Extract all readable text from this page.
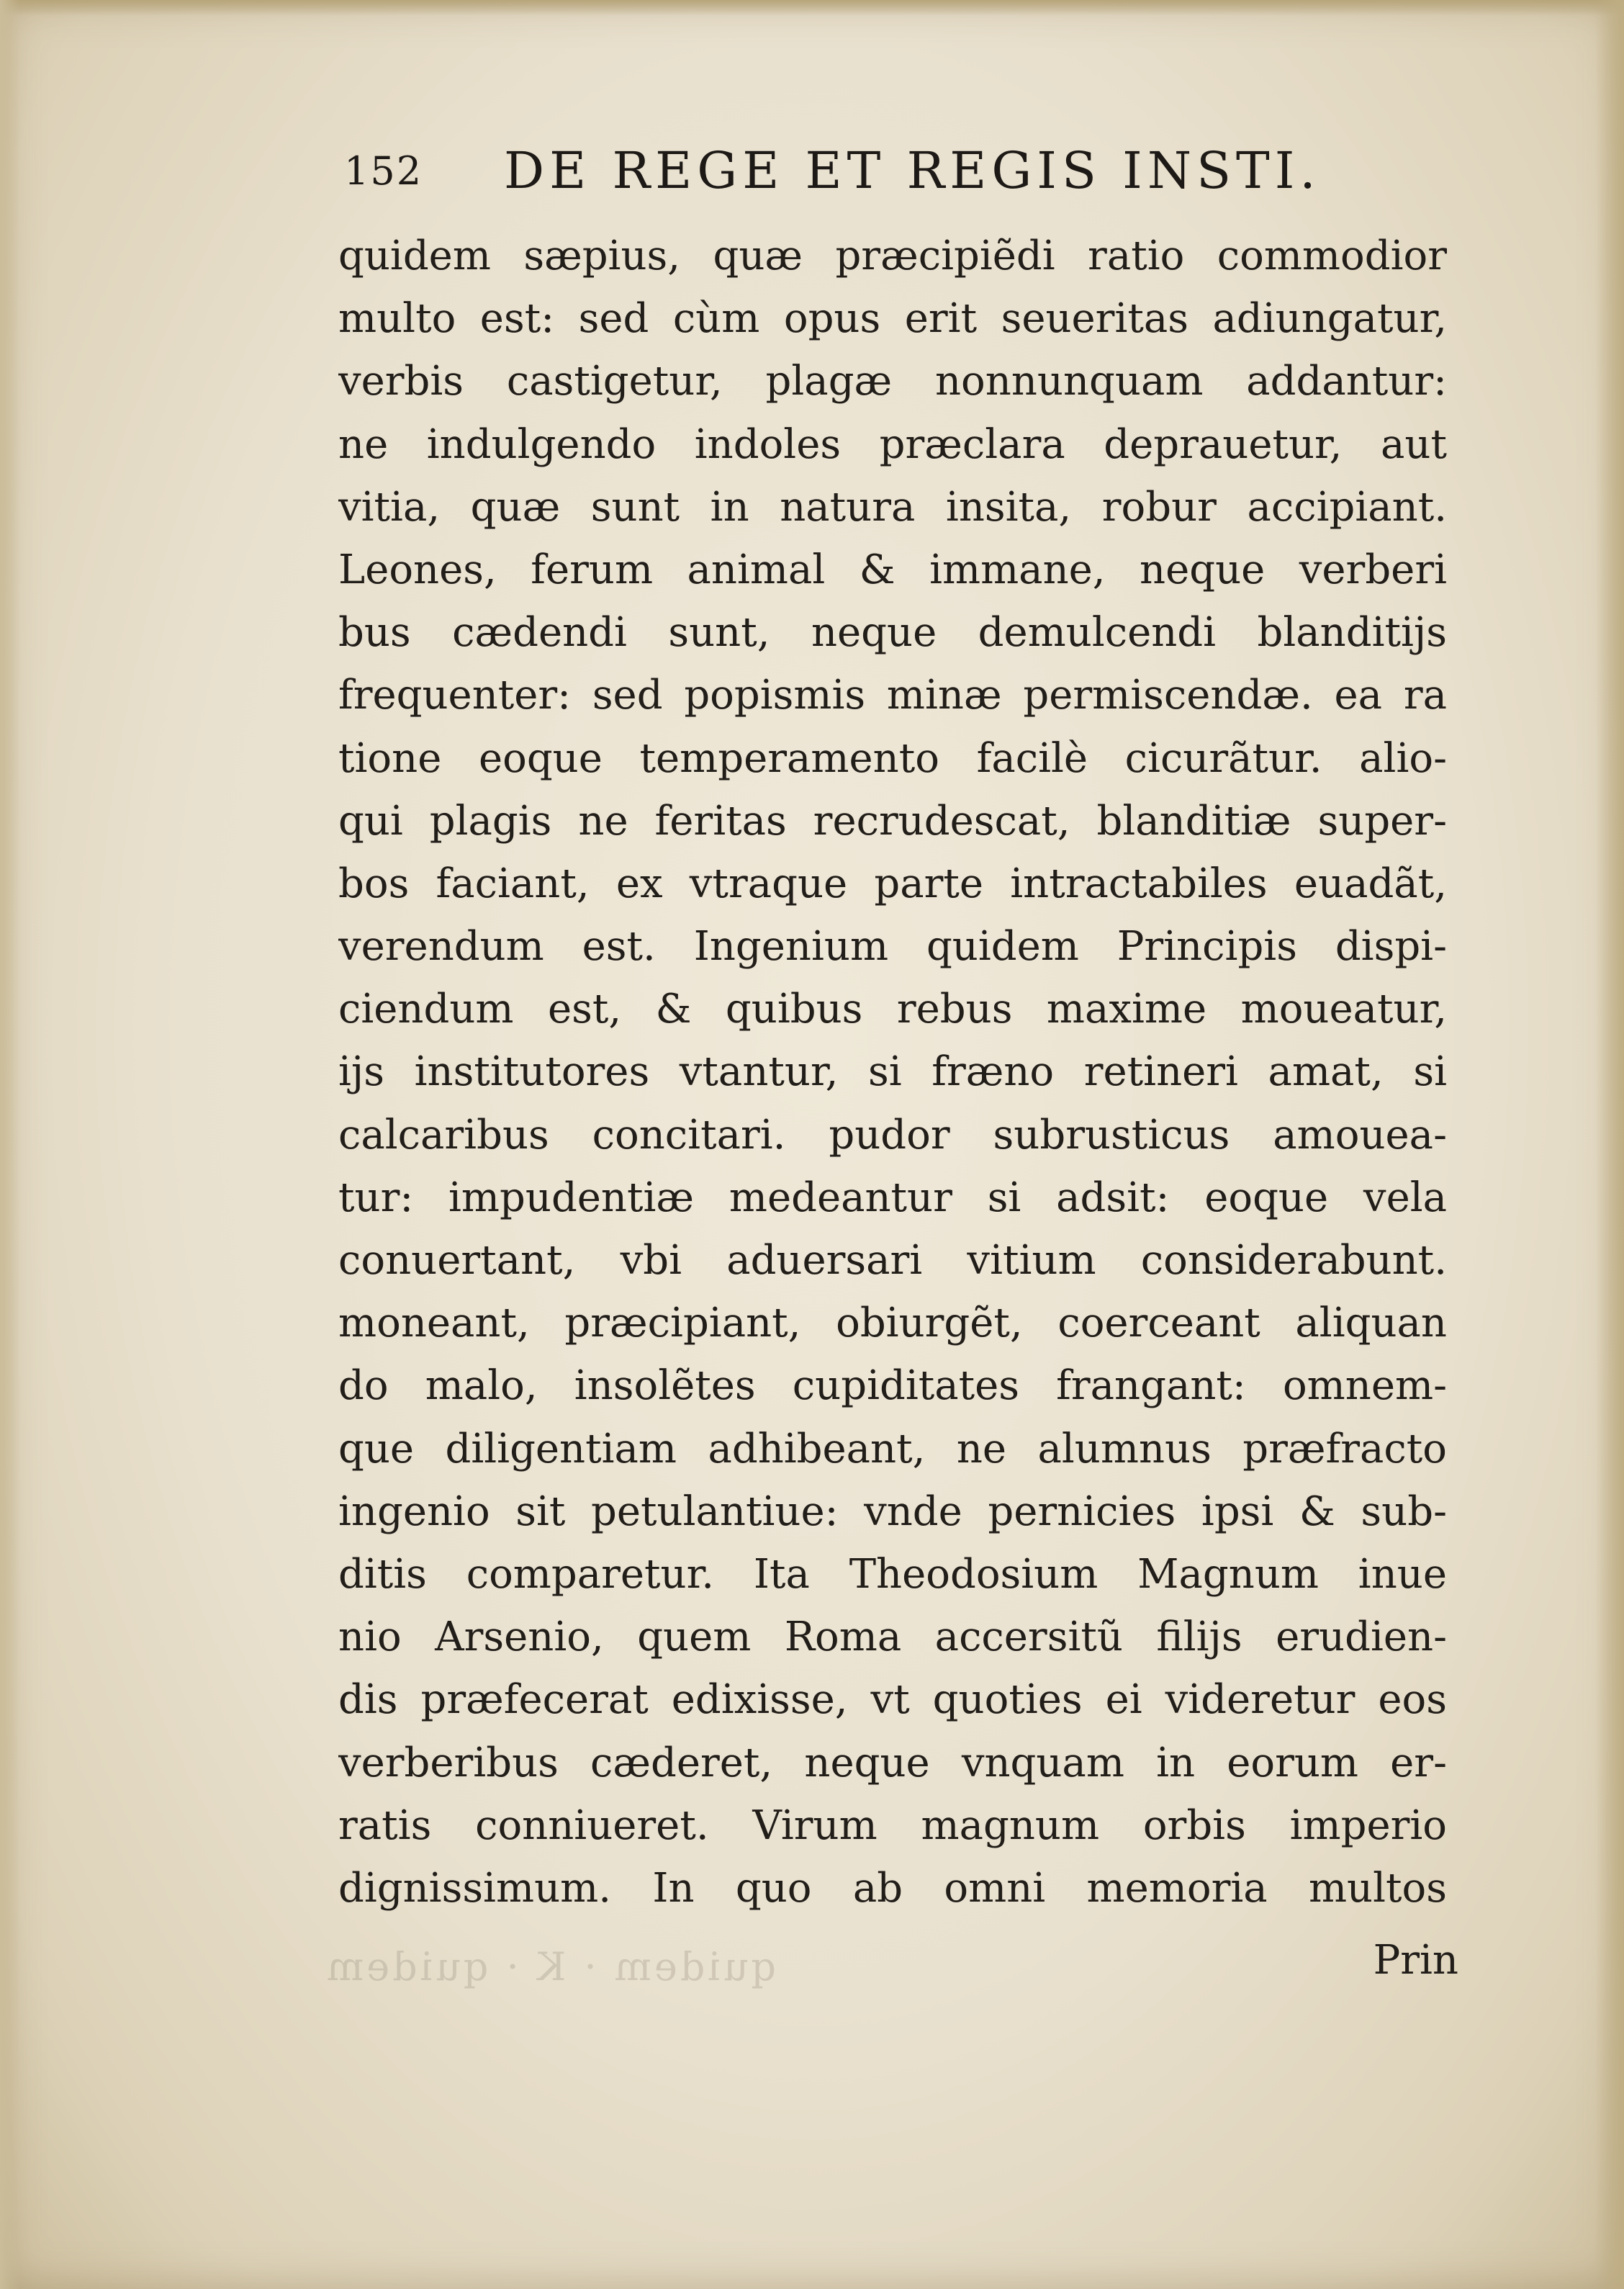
152 DE REGE ET REGIS INSTI.
quidem sæpius, quæ præcipiẽdi ratio commodior
multo est: sed cùm opus erit seueritas adiungatur,
verbis castigetur, plagæ nonnunquam addantur:
ne indulgendo indoles præclara deprauetur, aut
vitia, quæ sunt in natura insita, robur accipiant.
Leones, ferum animal & immane, neque verberi
bus cædendi sunt, neque demulcendi blanditijs
frequenter: sed popismis minæ permiscendæ. ea ra
tione eoque temperamento facilè cicurãtur. alio-
qui plagis ne feritas recrudescat, blanditiæ super-
bos faciant, ex vtraque parte intractabiles euadãt,
verendum est. Ingenium quidem Principis dispi-
ciendum est, & quibus rebus maxime moueatur,
ijs institutores vtantur, si fræno retineri amat, si
calcaribus concitari. pudor subrusticus amouea-
tur: impudentiæ medeantur si adsit: eoque vela
conuertant, vbi aduersari vitium considerabunt.
moneant, præcipiant, obiurgẽt, coerceant aliquan
do malo, insolẽtes cupiditates frangant: omnem-
que diligentiam adhibeant, ne alumnus præfracto
ingenio sit petulantiue: vnde pernicies ipsi & sub-
ditis comparetur. Ita Theodosium Magnum inue
nio Arsenio, quem Roma accersitũ filijs erudien-
dis præfecerat edixisse, vt quoties ei videretur eos
verberibus cæderet, neque vnquam in eorum er-
ratis conniueret. Virum magnum orbis imperio
dignissimum. In quo ab omni memoria multos
quidem · K · quidem	Prin
